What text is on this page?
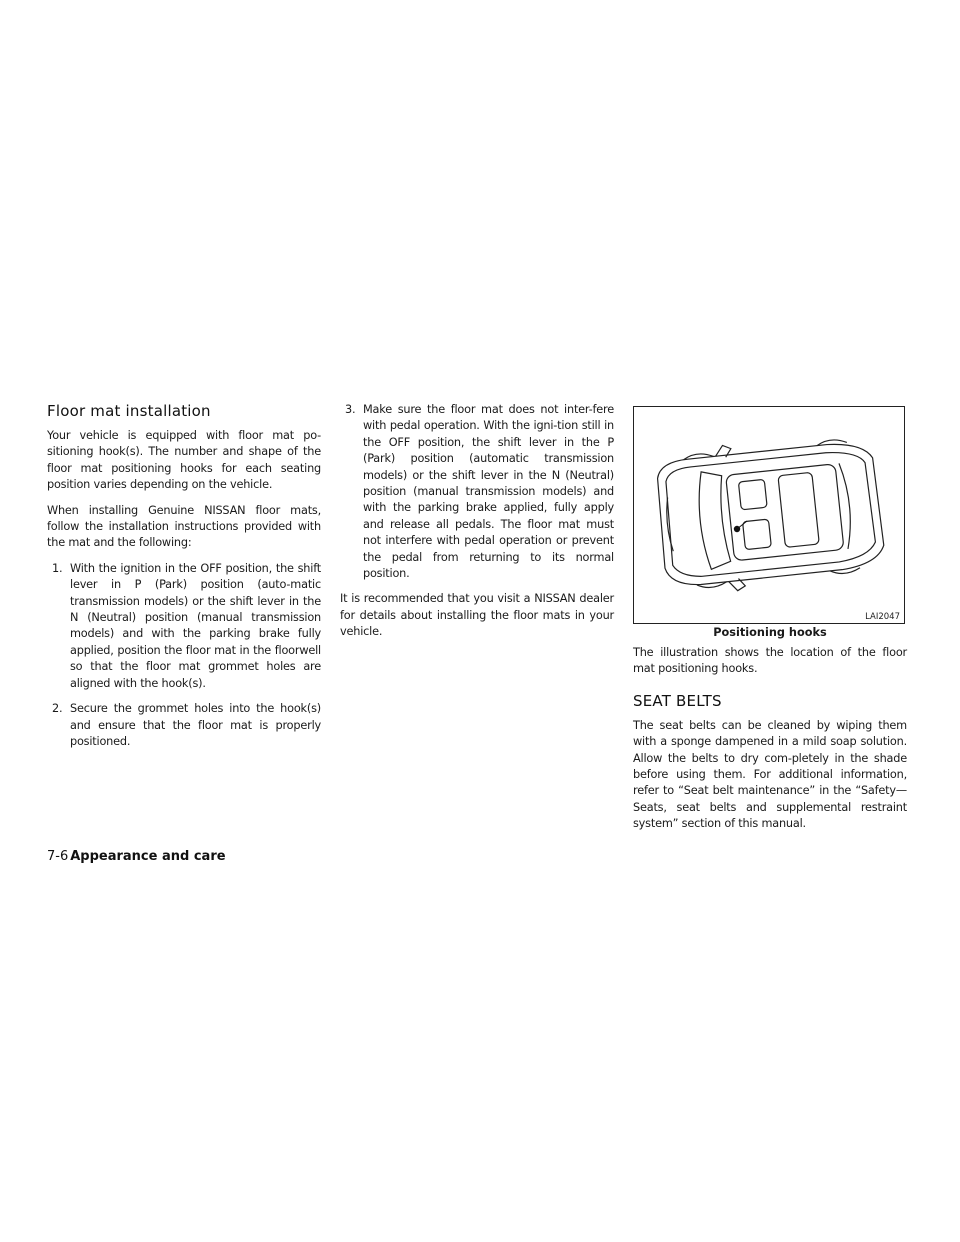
Floor mat installation

Your vehicle is equipped with floor mat po-sitioning hook(s). The number and shape of the floor mat positioning hooks for each seating position varies depending on the vehicle.

When installing Genuine NISSAN floor mats, follow the installation instructions provided with the mat and the following:

1. With the ignition in the OFF position, the shift lever in P (Park) position (auto-matic transmission models) or the shift lever in the N (Neutral) position (manual transmission models) and with the parking brake fully applied, position the floor mat in the floorwell so that the floor mat grommet holes are aligned with the hook(s).
2. Secure the grommet holes into the hook(s) and ensure that the floor mat is properly positioned.
3. Make sure the floor mat does not inter-fere with pedal operation. With the igni-tion still in the OFF position, the shift lever in the P (Park) position (automatic transmission models) or the shift lever in the N (Neutral) position (manual transmission models) and with the parking brake applied, fully apply and release all pedals. The floor mat must not interfere with pedal operation or prevent the pedal from returning to its normal position.

It is recommended that you visit a NISSAN dealer for details about installing the floor mats in your vehicle.

LAI2047
Positioning hooks

The illustration shows the location of the floor mat positioning hooks.

SEAT BELTS

The seat belts can be cleaned by wiping them with a sponge dampened in a mild soap solution. Allow the belts to dry com-pletely in the shade before using them. For additional information, refer to “Seat belt maintenance” in the “Safety—Seats, seat belts and supplemental restraint system” section of this manual.

7-6 Appearance and care
